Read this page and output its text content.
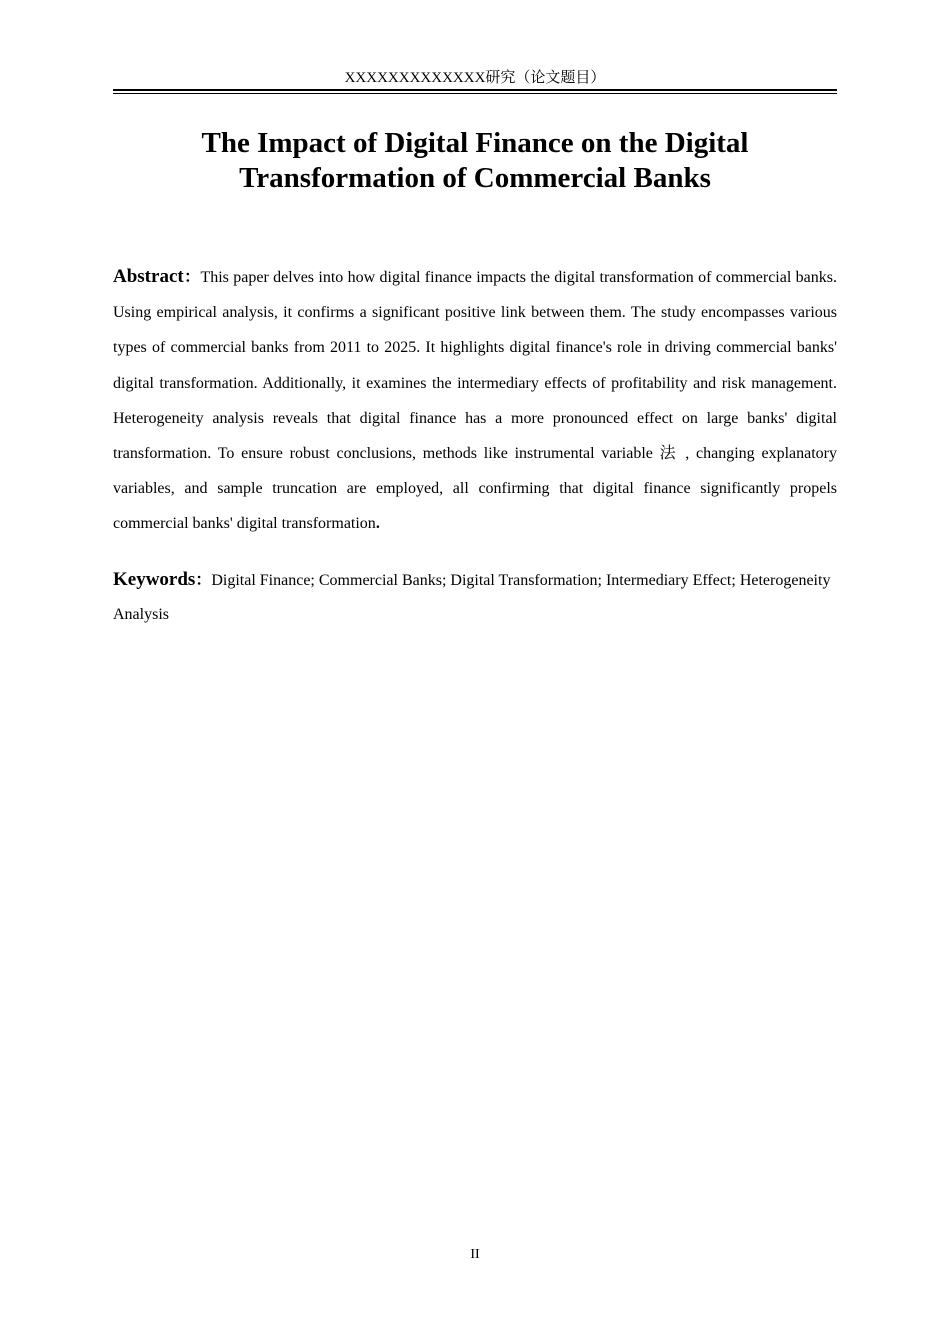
XXXXXXXXXXXXX研究（论文题目）
The Impact of Digital Finance on the Digital
Transformation of Commercial Banks

Abstract：This paper delves into how digital finance impacts the digital transformation of commercial banks. Using empirical analysis, it confirms a significant positive link between them. The study encompasses various types of commercial banks from 2011 to 2025. It highlights digital finance's role in driving commercial banks' digital transformation. Additionally, it examines the intermediary effects of profitability and risk management. Heterogeneity analysis reveals that digital finance has a more pronounced effect on large banks' digital transformation. To ensure robust conclusions, methods like instrumental variable 法 , changing explanatory variables, and sample truncation are employed, all confirming that digital finance significantly propels commercial banks' digital transformation.

Keywords：Digital Finance; Commercial Banks; Digital Transformation; Intermediary Effect; Heterogeneity Analysis

II
